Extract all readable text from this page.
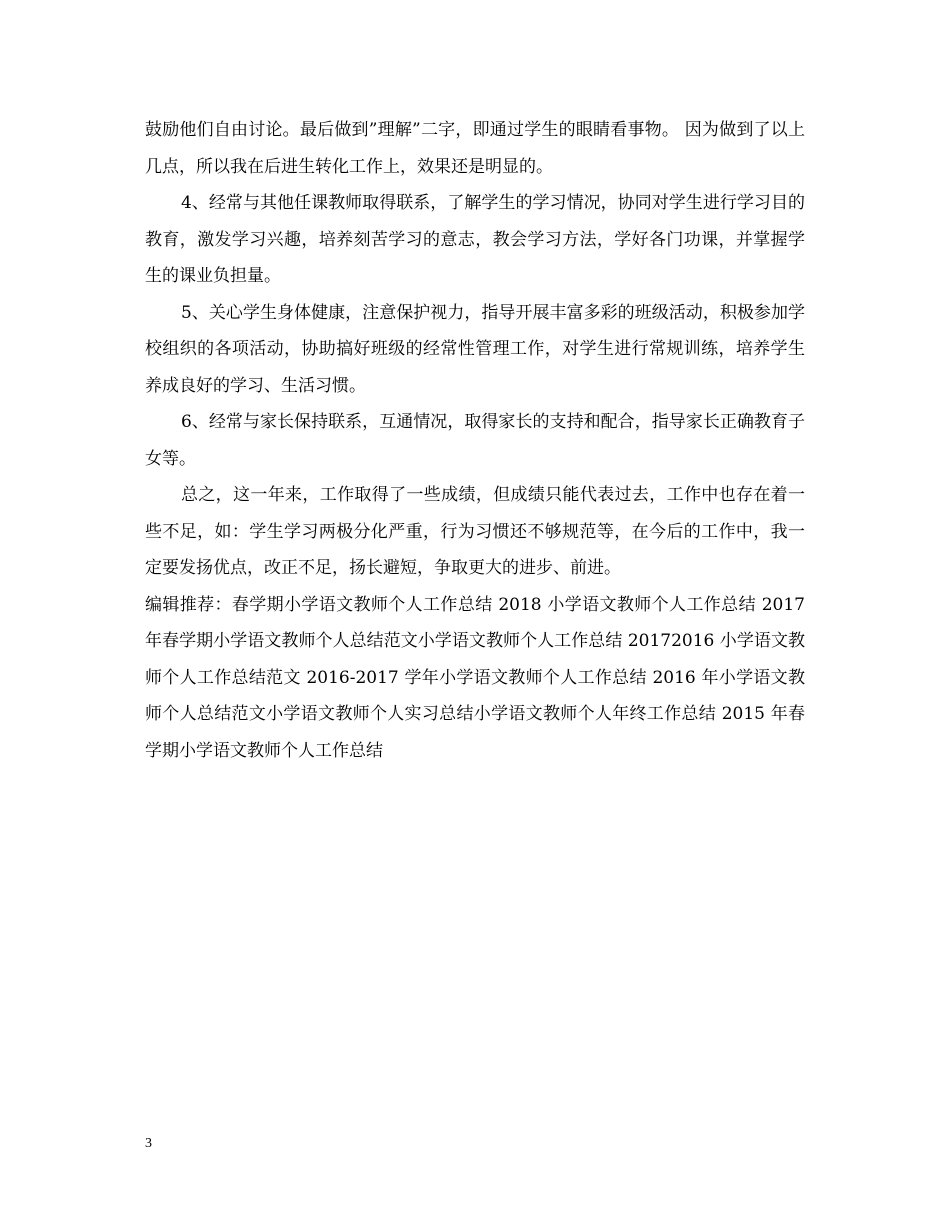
鼓励他们自由讨论。最后做到”理解”二字，即通过学生的眼睛看事物。 因为做到了以上几点，所以我在后进生转化工作上，效果还是明显的。

4、经常与其他任课教师取得联系，了解学生的学习情况，协同对学生进行学习目的教育，激发学习兴趣，培养刻苦学习的意志，教会学习方法，学好各门功课，并掌握学生的课业负担量。

5、关心学生身体健康，注意保护视力，指导开展丰富多彩的班级活动，积极参加学校组织的各项活动，协助搞好班级的经常性管理工作，对学生进行常规训练，培养学生养成良好的学习、生活习惯。

6、经常与家长保持联系，互通情况，取得家长的支持和配合，指导家长正确教育子女等。

总之，这一年来，工作取得了一些成绩，但成绩只能代表过去，工作中也存在着一些不足，如：学生学习两极分化严重，行为习惯还不够规范等，在今后的工作中，我一定要发扬优点，改正不足，扬长避短，争取更大的进步、前进。

编辑推荐：春学期小学语文教师个人工作总结 2018 小学语文教师个人工作总结 2017 年春学期小学语文教师个人总结范文小学语文教师个人工作总结 20172016 小学语文教师个人工作总结范文 2016-2017 学年小学语文教师个人工作总结 2016 年小学语文教师个人总结范文小学语文教师个人实习总结小学语文教师个人年终工作总结 2015 年春学期小学语文教师个人工作总结

3
